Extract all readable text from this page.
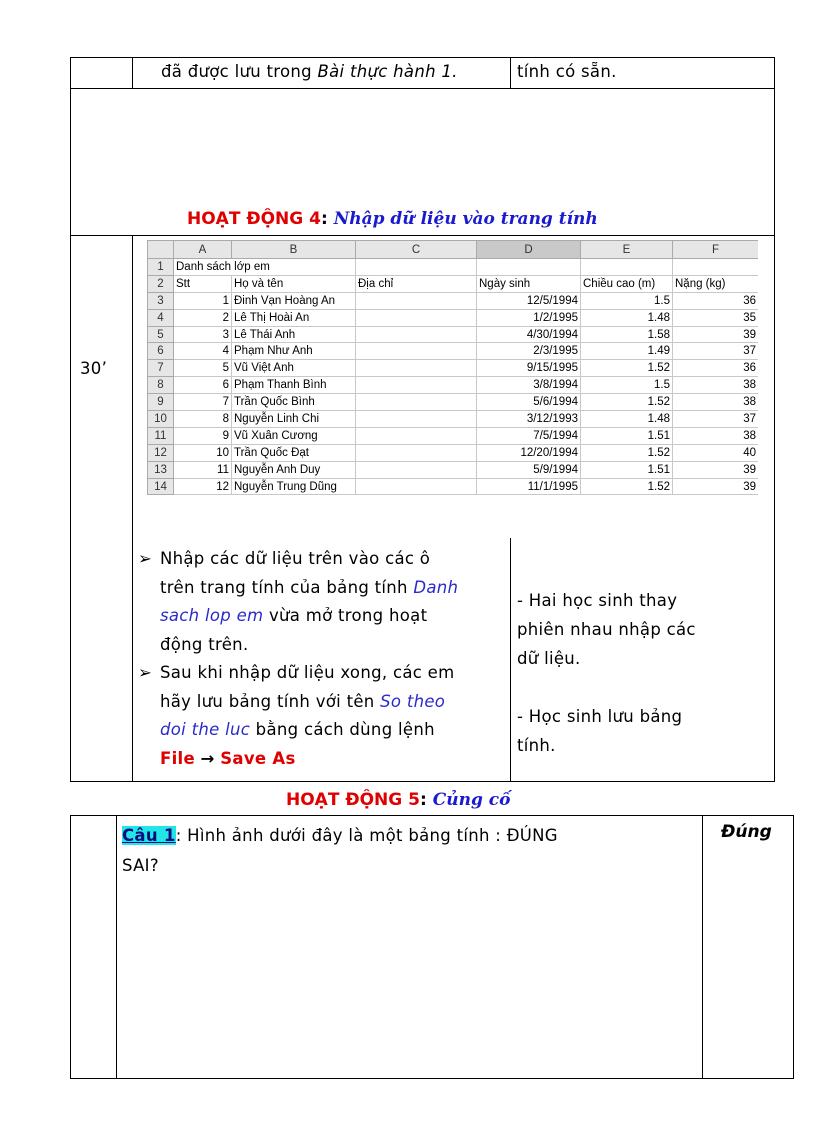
đã được lưu trong Bài thực hành 1.	tính có sẵn.
HOẠT ĐỘNG 4: Nhập dữ liệu vào trang tính
30’
	A	B	C	D	E	F
1	Danh sách lớp em					
2	Stt	Họ và tên	Địa chỉ	Ngày sinh	Chiều cao (m)	Nặng (kg)
3	1	Đinh Vạn Hoàng An		12/5/1994	1.5	36
4	2	Lê Thị Hoài An		1/2/1995	1.48	35
5	3	Lê Thái Anh		4/30/1994	1.58	39
6	4	Phạm Như Anh		2/3/1995	1.49	37
7	5	Vũ Việt Anh		9/15/1995	1.52	36
8	6	Phạm Thanh Bình		3/8/1994	1.5	38
9	7	Trần Quốc Bình		5/6/1994	1.52	38
10	8	Nguyễn Linh Chi		3/12/1993	1.48	37
11	9	Vũ Xuân Cương		7/5/1994	1.51	38
12	10	Trần Quốc Đạt		12/20/1994	1.52	40
13	11	Nguyễn Anh Duy		5/9/1994	1.51	39
14	12	Nguyễn Trung Dũng		11/1/1995	1.52	39
➢ Nhập các dữ liệu trên vào các ô
trên trang tính của bảng tính Danh
sach lop em vừa mở trong hoạt
động trên.
➢ Sau khi nhập dữ liệu xong, các em
hãy lưu bảng tính với tên So theo
doi the luc bằng cách dùng lệnh
File → Save As
- Hai học sinh thay
phiên nhau nhập các
dữ liệu.
- Học sinh lưu bảng
tính.
HOẠT ĐỘNG 5: Củng cố
Câu 1: Hình ảnh dưới đây là một bảng tính : ĐÚNG
SAI?
Đúng
